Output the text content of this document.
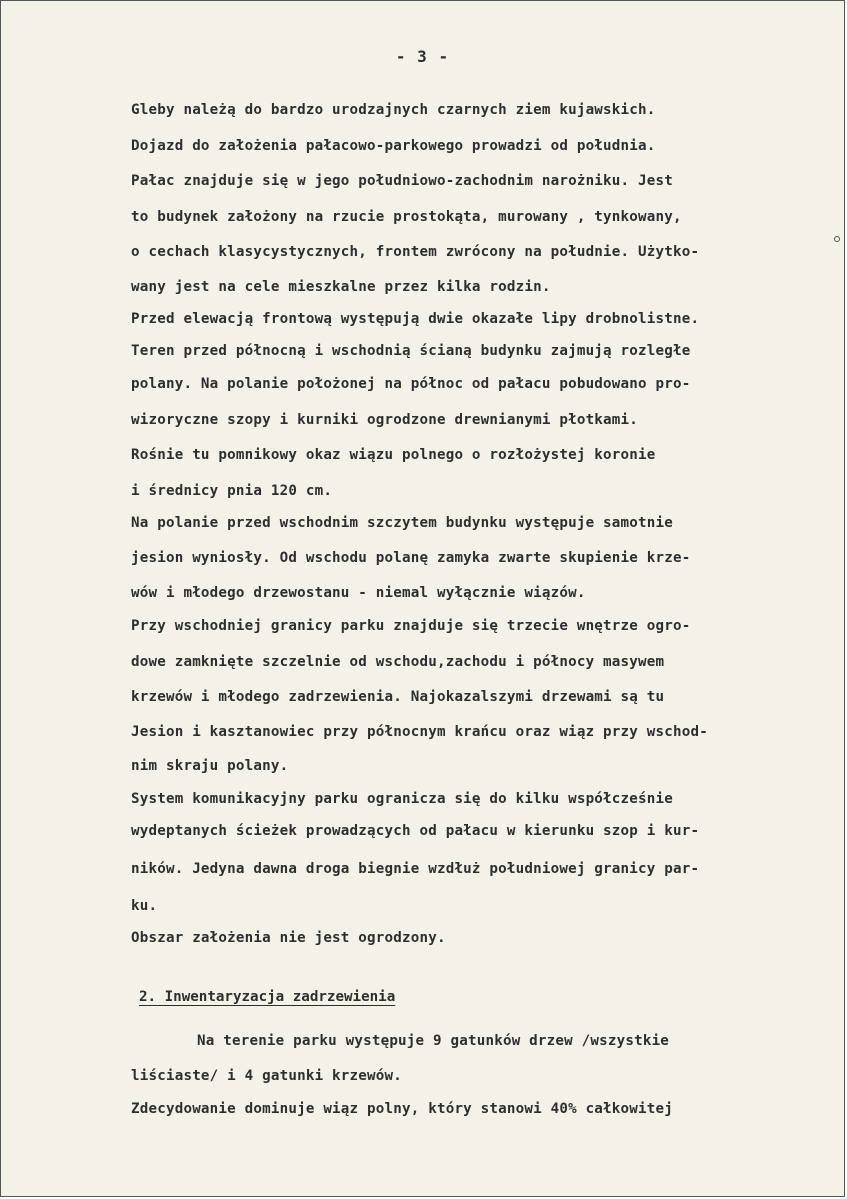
- 3 -

Gleby należą do bardzo urodzajnych czarnych ziem kujawskich.

Dojazd do założenia pałacowo-parkowego prowadzi od południa.

Pałac znajduje się w jego południowo-zachodnim narożniku. Jest

to budynek założony na rzucie prostokąta, murowany , tynkowany,

o cechach klasycystycznych, frontem zwrócony na południe. Użytko-

wany jest na cele mieszkalne przez kilka rodzin.

Przed elewacją frontową występują dwie okazałe lipy drobnolistne.

Teren przed północną i wschodnią ścianą budynku zajmują rozległe

polany. Na polanie położonej na północ od pałacu pobudowano pro-

wizoryczne szopy i kurniki ogrodzone drewnianymi płotkami.

Rośnie tu pomnikowy okaz wiązu polnego o rozłożystej koronie

i średnicy pnia 120 cm.

Na polanie przed wschodnim szczytem budynku występuje samotnie

jesion wyniosły. Od wschodu polanę zamyka zwarte skupienie krze-

wów i młodego drzewostanu - niemal wyłącznie wiązów.

Przy wschodniej granicy parku znajduje się trzecie wnętrze ogro-

dowe zamknięte szczelnie od wschodu,zachodu i północy masywem

krzewów i młodego zadrzewienia. Najokazalszymi drzewami są tu

Jesion i kasztanowiec przy północnym krańcu oraz wiąz przy wschod-

nim skraju polany.

System komunikacyjny parku ogranicza się do kilku współcześnie

wydeptanych ścieżek prowadzących od pałacu w kierunku szop i kur-

ników. Jedyna dawna droga biegnie wzdłuż południowej granicy par-

ku.

Obszar założenia nie jest ogrodzony.

2. Inwentaryzacja zadrzewienia

Na terenie parku występuje 9 gatunków drzew /wszystkie

liściaste/ i 4 gatunki krzewów.

Zdecydowanie dominuje wiąz polny, który stanowi 40% całkowitej
